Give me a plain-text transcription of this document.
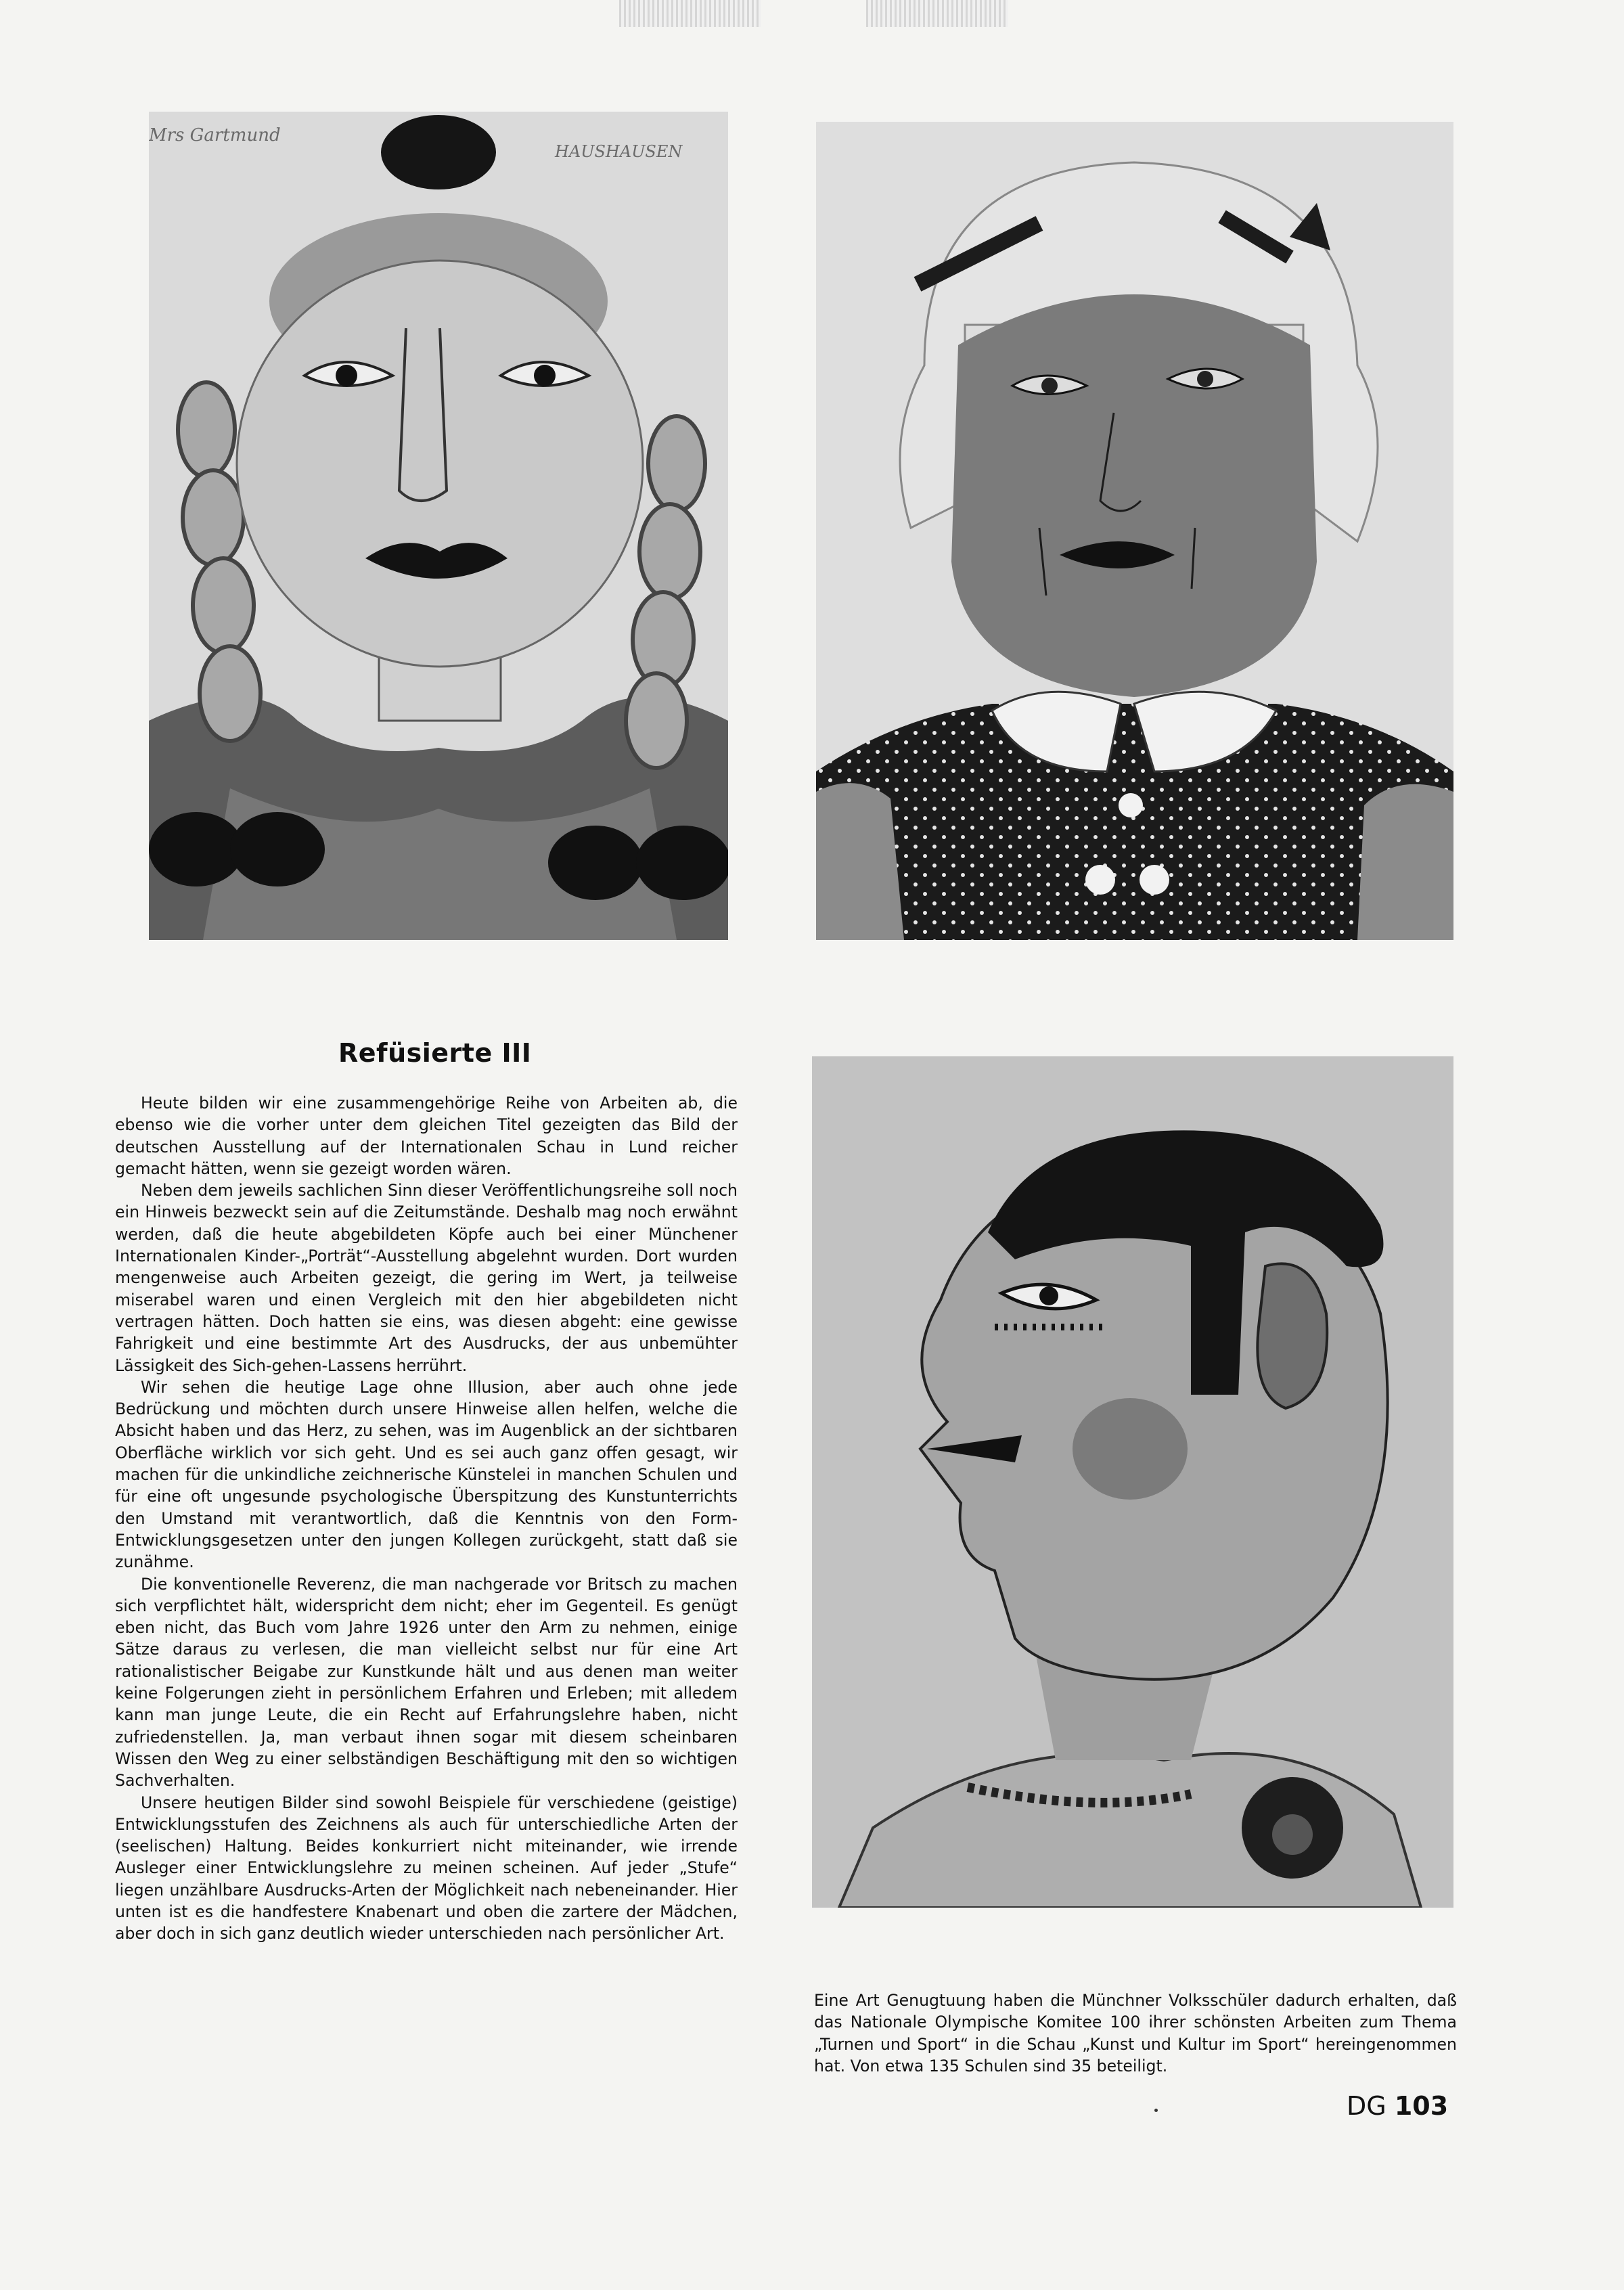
Mrs Gartmund
HAUSHAUSEN
Refüsierte III

Heute bilden wir eine zusammengehörige Reihe von Arbeiten ab, die ebenso wie die vorher unter dem gleichen Titel gezeigten das Bild der deutschen Ausstellung auf der Internationalen Schau in Lund reicher gemacht hätten, wenn sie gezeigt worden wären.

Neben dem jeweils sachlichen Sinn dieser Veröffentlichungsreihe soll noch ein Hinweis bezweckt sein auf die Zeitumstände. Deshalb mag noch erwähnt werden, daß die heute abgebildeten Köpfe auch bei einer Münchener Internationalen Kinder-„Porträt“-Ausstellung abgelehnt wurden. Dort wurden mengenweise auch Arbeiten gezeigt, die gering im Wert, ja teilweise miserabel waren und einen Vergleich mit den hier abgebildeten nicht vertragen hätten. Doch hatten sie eins, was diesen abgeht: eine gewisse Fahrigkeit und eine bestimmte Art des Ausdrucks, der aus unbemühter Lässigkeit des Sich-gehen-Lassens herrührt.

Wir sehen die heutige Lage ohne Illusion, aber auch ohne jede Bedrückung und möchten durch unsere Hinweise allen helfen, welche die Absicht haben und das Herz, zu sehen, was im Augenblick an der sichtbaren Oberfläche wirklich vor sich geht. Und es sei auch ganz offen gesagt, wir machen für die unkindliche zeichnerische Künstelei in manchen Schulen und für eine oft ungesunde psychologische Überspitzung des Kunstunterrichts den Umstand mit verantwortlich, daß die Kenntnis von den Form-Entwicklungsgesetzen unter den jungen Kollegen zurückgeht, statt daß sie zunähme.

Die konventionelle Reverenz, die man nachgerade vor Britsch zu machen sich verpflichtet hält, widerspricht dem nicht; eher im Gegenteil. Es genügt eben nicht, das Buch vom Jahre 1926 unter den Arm zu nehmen, einige Sätze daraus zu verlesen, die man vielleicht selbst nur für eine Art rationalistischer Beigabe zur Kunstkunde hält und aus denen man weiter keine Folgerungen zieht in persönlichem Erfahren und Erleben; mit alledem kann man junge Leute, die ein Recht auf Erfahrungslehre haben, nicht zufriedenstellen. Ja, man verbaut ihnen sogar mit diesem scheinbaren Wissen den Weg zu einer selbständigen Beschäftigung mit den so wichtigen Sachverhalten.

Unsere heutigen Bilder sind sowohl Beispiele für verschiedene (geistige) Entwicklungsstufen des Zeichnens als auch für unterschiedliche Arten der (seelischen) Haltung. Beides konkurriert nicht miteinander, wie irrende Ausleger einer Entwicklungslehre zu meinen scheinen. Auf jeder „Stufe“ liegen unzählbare Ausdrucks-Arten der Möglichkeit nach nebeneinander. Hier unten ist es die handfestere Knabenart und oben die zartere der Mädchen, aber doch in sich ganz deutlich wieder unterschieden nach persönlicher Art.

Eine Art Genugtuung haben die Münchner Volksschüler dadurch erhalten, daß das Nationale Olympische Komitee 100 ihrer schönsten Arbeiten zum Thema „Turnen und Sport“ in die Schau „Kunst und Kultur im Sport“ hereingenommen hat. Von etwa 135 Schulen sind 35 beteiligt.

DG 103
